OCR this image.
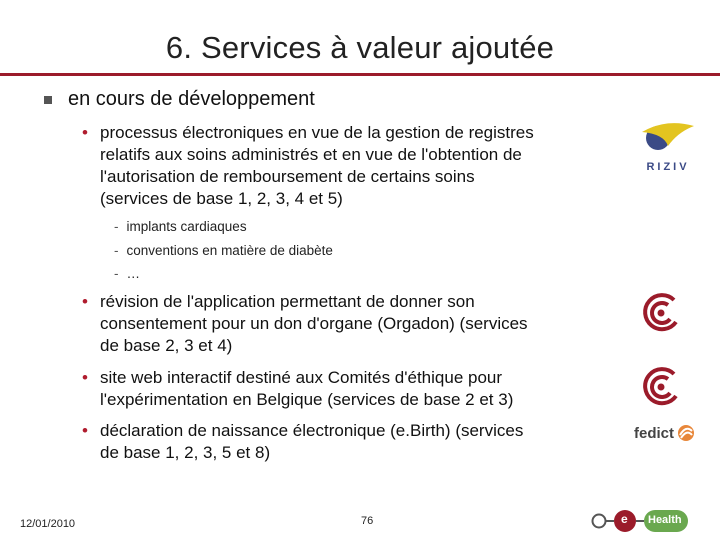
6. Services à valeur ajoutée
en cours de développement
• processus électroniques en vue de la gestion de registres
relatifs aux soins administrés et en vue de l'obtention de
l'autorisation de remboursement de certains soins
(services de base 1, 2, 3, 4 et 5)
- implants cardiaques
- conventions en matière de diabète
- …
• révision de l'application permettant de donner son
consentement pour un don d'organe (Orgadon) (services
de base 2, 3 et 4)
• site web interactif destiné aux Comités d'éthique pour
l'expérimentation en Belgique (services de base 2 et 3)
• déclaration de naissance électronique (e.Birth) (services
de base 1, 2, 3, 5 et 8)
RIZIV
fedict
12/01/2010	76	e Health
